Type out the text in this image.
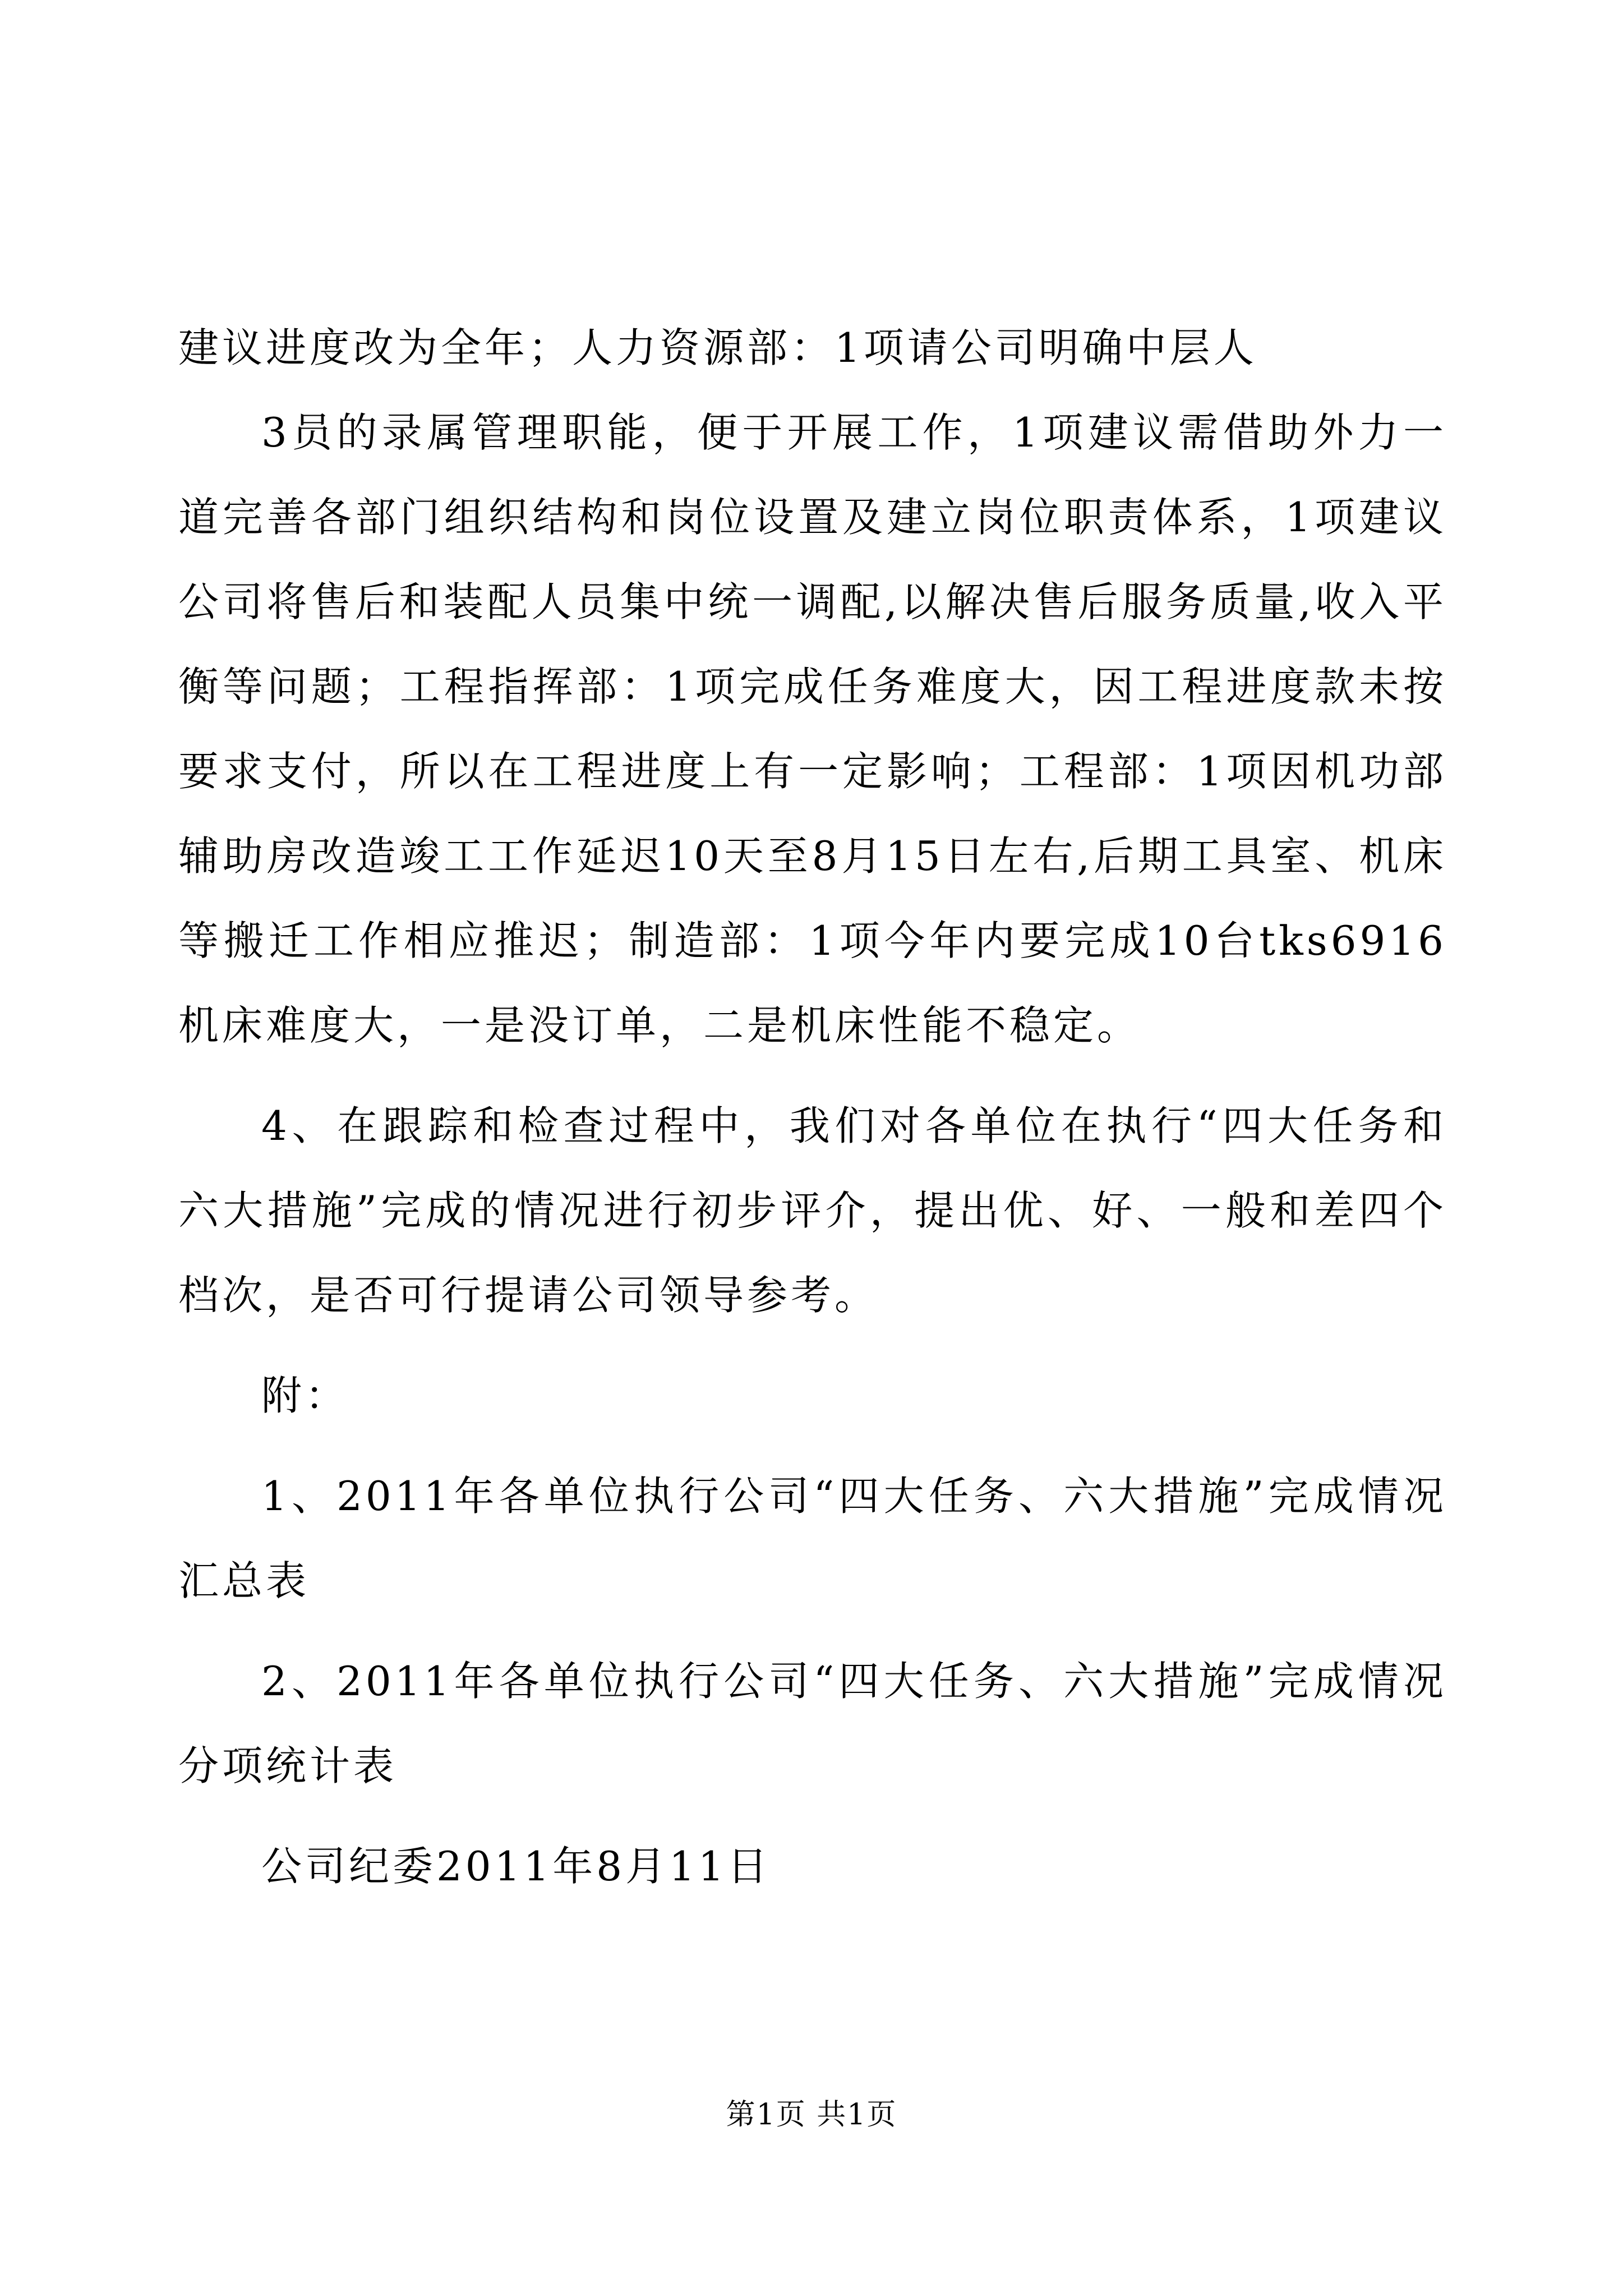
建议进度改为全年；人力资源部：1项请公司明确中层人

3员的录属管理职能，便于开展工作，1项建议需借助外力一道完善各部门组织结构和岗位设置及建立岗位职责体系，1项建议公司将售后和装配人员集中统一调配,以解决售后服务质量,收入平衡等问题；工程指挥部：1项完成任务难度大，因工程进度款未按要求支付，所以在工程进度上有一定影响；工程部：1项因机功部辅助房改造竣工工作延迟10天至8月15日左右,后期工具室、机床等搬迁工作相应推迟；制造部：1项今年内要完成10台tks6916机床难度大，一是没订单，二是机床性能不稳定。

4、在跟踪和检查过程中，我们对各单位在执行“四大任务和六大措施”完成的情况进行初步评介，提出优、好、一般和差四个档次，是否可行提请公司领导参考。

附：

1、2011年各单位执行公司“四大任务、六大措施”完成情况汇总表

2、2011年各单位执行公司“四大任务、六大措施”完成情况分项统计表

公司纪委2011年8月11日

第1页 共1页
